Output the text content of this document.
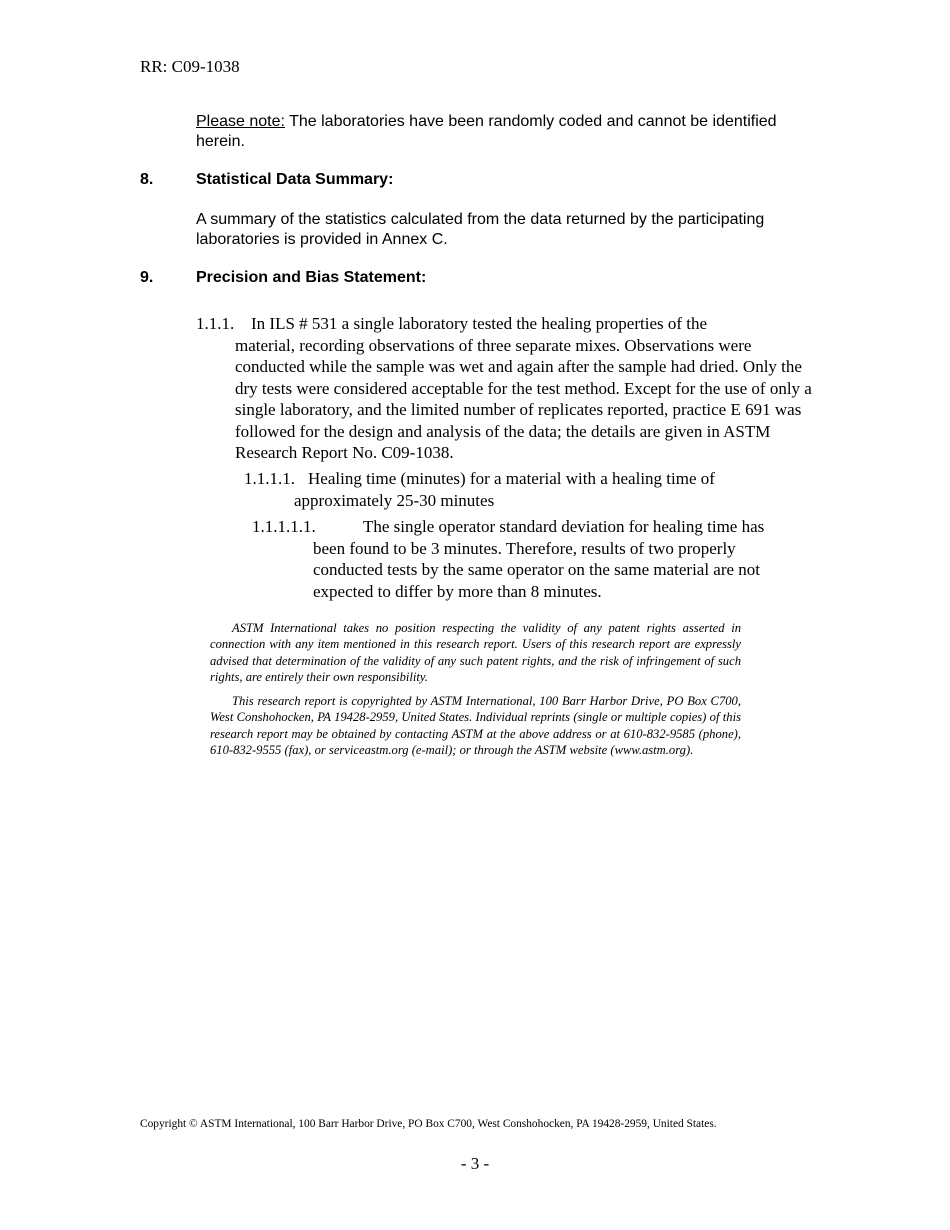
RR: C09-1038
Please note: The laboratories have been randomly coded and cannot be identified herein.
8.	Statistical Data Summary:
A summary of the statistics calculated from the data returned by the participating laboratories is provided in Annex C.
9.	Precision and Bias Statement:
1.1.1. In ILS # 531 a single laboratory tested the healing properties of the
material, recording observations of three separate mixes. Observations were conducted while the sample was wet and again after the sample had dried. Only the dry tests were considered acceptable for the test method. Except for the use of only a single laboratory, and the limited number of replicates reported, practice E 691 was followed for the design and analysis of the data; the details are given in ASTM Research Report No. C09-1038.
1.1.1.1. Healing time (minutes) for a material with a healing time of
approximately 25-30 minutes
1.1.1.1.1.	The single operator standard deviation for healing time has
been found to be 3 minutes. Therefore, results of two properly conducted tests by the same operator on the same material are not expected to differ by more than 8 minutes.
ASTM International takes no position respecting the validity of any patent rights asserted in connection with any item mentioned in this research report. Users of this research report are expressly advised that determination of the validity of any such patent rights, and the risk of infringement of such rights, are entirely their own responsibility.
This research report is copyrighted by ASTM International, 100 Barr Harbor Drive, PO Box C700, West Conshohocken, PA 19428-2959, United States. Individual reprints (single or multiple copies) of this research report may be obtained by contacting ASTM at the above address or at 610-832-9585 (phone), 610-832-9555 (fax), or serviceastm.org (e-mail); or through the ASTM website (www.astm.org).
Copyright © ASTM International, 100 Barr Harbor Drive, PO Box C700, West Conshohocken, PA 19428-2959, United States.
- 3 -
